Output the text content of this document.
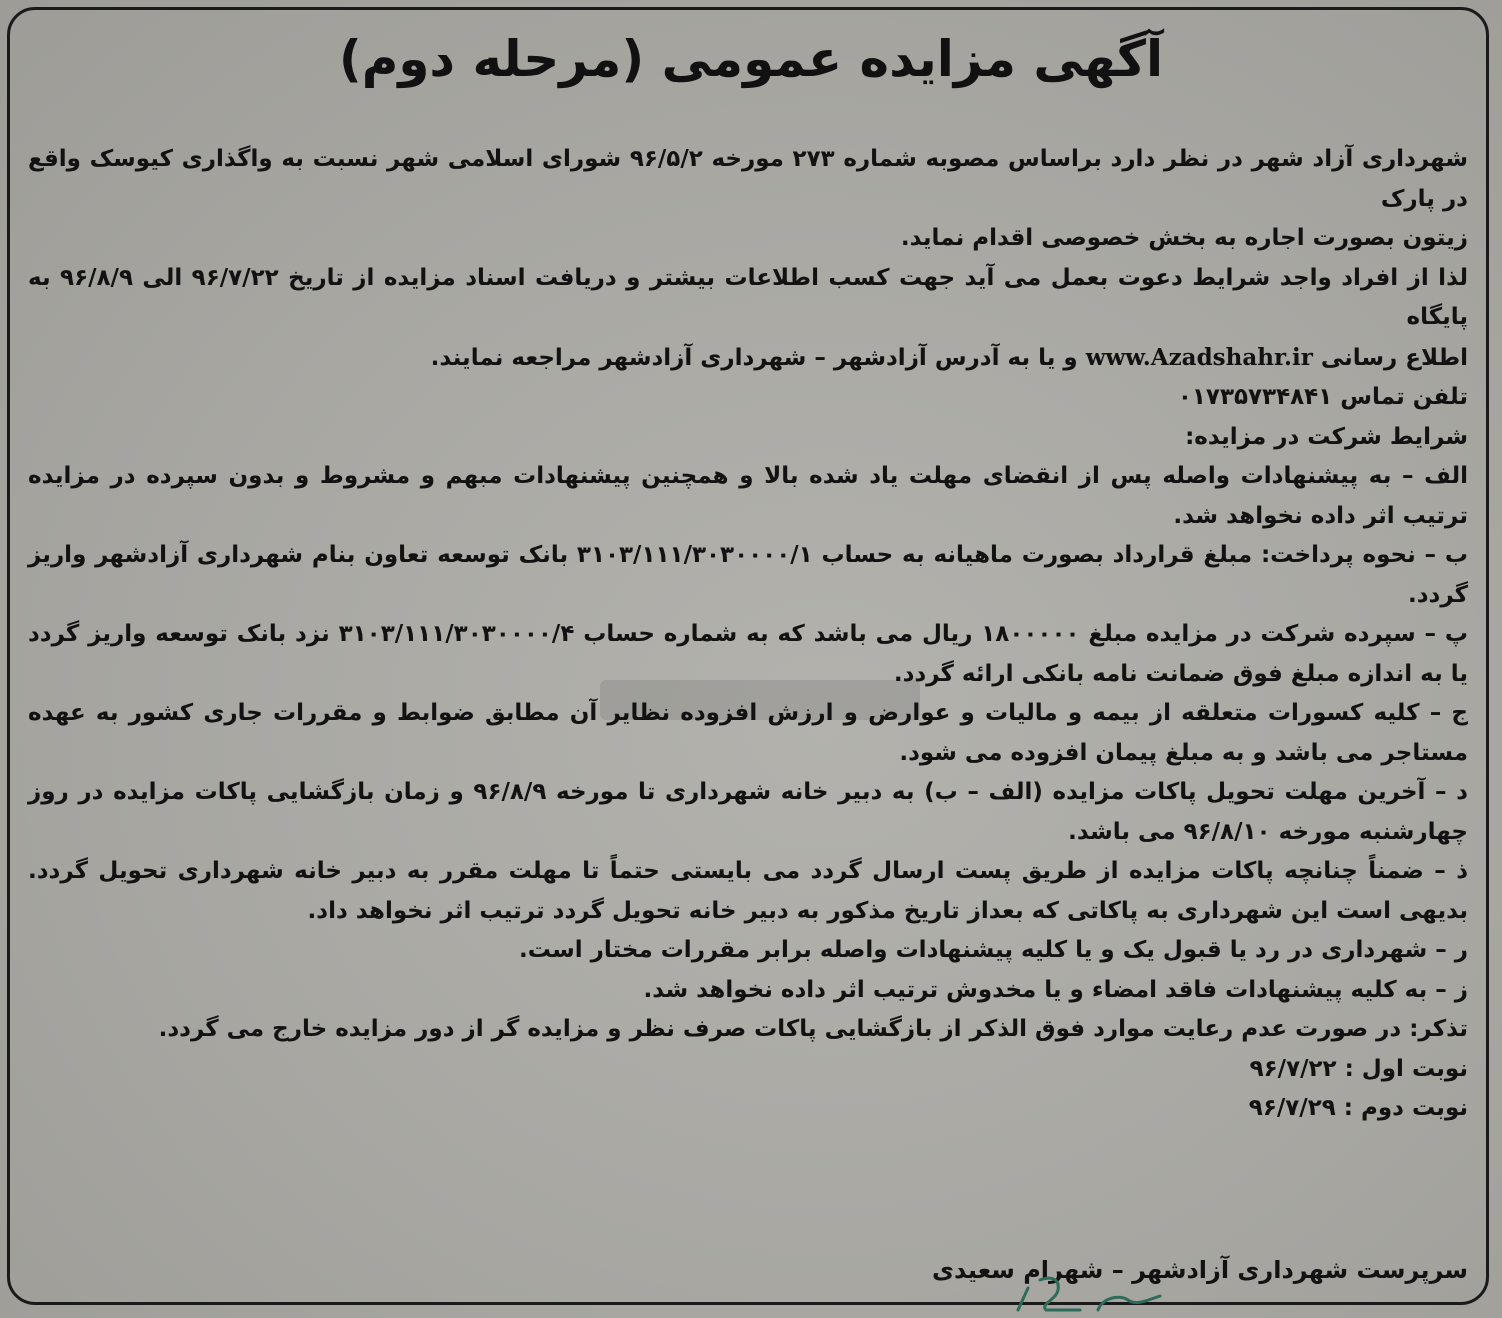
آگهی مزایده عمومی (مرحله دوم)

شهرداری آزاد شهر در نظر دارد براساس مصوبه شماره ۲۷۳ مورخه ۹۶/۵/۲ شورای اسلامی شهر نسبت به واگذاری کیوسک واقع در پارک

زیتون بصورت اجاره به بخش خصوصی اقدام نماید.

لذا از افراد واجد شرایط دعوت بعمل می آید جهت کسب اطلاعات بیشتر و دریافت اسناد مزایده از تاریخ ۹۶/۷/۲۲ الی ۹۶/۸/۹ به پایگاه

اطلاع رسانی www.Azadshahr.ir و یا به آدرس آزادشهر – شهرداری آزادشهر مراجعه نمایند.

تلفن تماس ۰۱۷۳۵۷۳۴۸۴۱

شرایط شرکت در مزایده:

الف – به پیشنهادات واصله پس از انقضای مهلت یاد شده بالا و همچنین پیشنهادات مبهم و مشروط و بدون سپرده در مزایده ترتیب اثر داده نخواهد شد.

ب – نحوه پرداخت: مبلغ قرارداد بصورت ماهیانه به حساب ۳۱۰۳/۱۱۱/۳۰۳۰۰۰۰/۱ بانک توسعه تعاون بنام شهرداری آزادشهر واریز گردد.

پ – سپرده شرکت در مزایده مبلغ ۱۸۰۰۰۰۰ ریال می باشد که به شماره حساب ۳۱۰۳/۱۱۱/۳۰۳۰۰۰۰/۴ نزد بانک توسعه واریز گردد یا به اندازه مبلغ فوق ضمانت نامه بانکی ارائه گردد.

ج – کلیه کسورات متعلقه از بیمه و مالیات و عوارض و ارزش افزوده نظایر آن مطابق ضوابط و مقررات جاری کشور به عهده مستاجر می باشد و به مبلغ پیمان افزوده می شود.

د – آخرین مهلت تحویل پاکات مزایده (الف – ب) به دبیر خانه شهرداری تا مورخه ۹۶/۸/۹ و زمان بازگشایی پاکات مزایده در روز چهارشنبه مورخه ۹۶/۸/۱۰ می باشد.

ذ – ضمناً چنانچه پاکات مزایده از طریق پست ارسال گردد می بایستی حتماً تا مهلت مقرر به دبیر خانه شهرداری تحویل گردد. بدیهی است این شهرداری به پاکاتی که بعداز تاریخ مذکور به دبیر خانه تحویل گردد ترتیب اثر نخواهد داد.

ر – شهرداری در رد یا قبول یک و یا کلیه پیشنهادات واصله برابر مقررات مختار است.

ز – به کلیه پیشنهادات فاقد امضاء و یا مخدوش ترتیب اثر داده نخواهد شد.

تذکر: در صورت عدم رعایت موارد فوق الذکر از بازگشایی پاکات صرف نظر و مزایده گر از دور مزایده خارج می گردد.

نوبت اول : ۹۶/۷/۲۲

نوبت دوم : ۹۶/۷/۲۹

سرپرست شهرداری آزادشهر – شهرام سعیدی
